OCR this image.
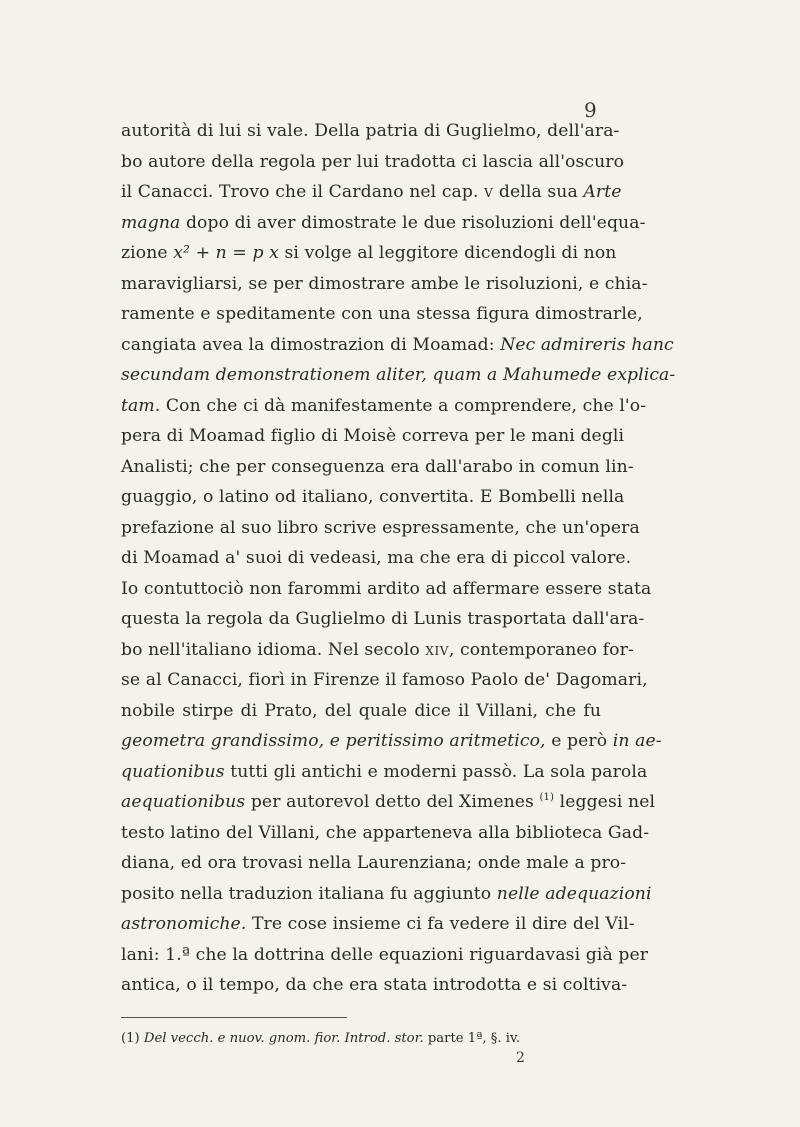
9
autorità di lui si vale. Della patria di Guglielmo, dell'ara-
bo autore della regola per lui tradotta ci lascia all'oscuro
il Canacci. Trovo che il Cardano nel cap. v della sua Arte
magna dopo di aver dimostrate le due risoluzioni dell'equa-
zione x² + n = p x si volge al leggitore dicendogli di non
maravigliarsi, se per dimostrare ambe le risoluzioni, e chia-
ramente e speditamente con una stessa figura dimostrarle,
cangiata avea la dimostrazion di Moamad: Nec admireris hanc
secundam demonstrationem aliter, quam a Mahumede explica-
tam. Con che ci dà manifestamente a comprendere, che l'o-
pera di Moamad figlio di Moisè correva per le mani degli
Analisti; che per conseguenza era dall'arabo in comun lin-
guaggio, o latino od italiano, convertita. E Bombelli nella
prefazione al suo libro scrive espressamente, che un'opera
di Moamad a' suoi di vedeasi, ma che era di piccol valore.
Io contuttociò non farommi ardito ad affermare essere stata
questa la regola da Guglielmo di Lunis trasportata dall'ara-
bo nell'italiano idioma. Nel secolo xiv, contemporaneo for-
se al Canacci, fiorì in Firenze il famoso Paolo de' Dagomari,
nobile stirpe di Prato, del quale dice il Villani, che fu
geometra grandissimo, e peritissimo aritmetico, e però in ae-
quationibus tutti gli antichi e moderni passò. La sola parola
aequationibus per autorevol detto del Ximenes $^{(1)}$ leggesi nel
testo latino del Villani, che apparteneva alla biblioteca Gad-
diana, ed ora trovasi nella Laurenziana; onde male a pro-
posito nella traduzion italiana fu aggiunto nelle adequazioni
astronomiche. Tre cose insieme ci fa vedere il dire del Vil-
lani: 1.ª che la dottrina delle equazioni riguardavasi già per
antica, o il tempo, da che era stata introdotta e si coltiva-
(1) Del vecch. e nuov. gnom. fior. Introd. stor. parte 1ª, §. iv.
2
